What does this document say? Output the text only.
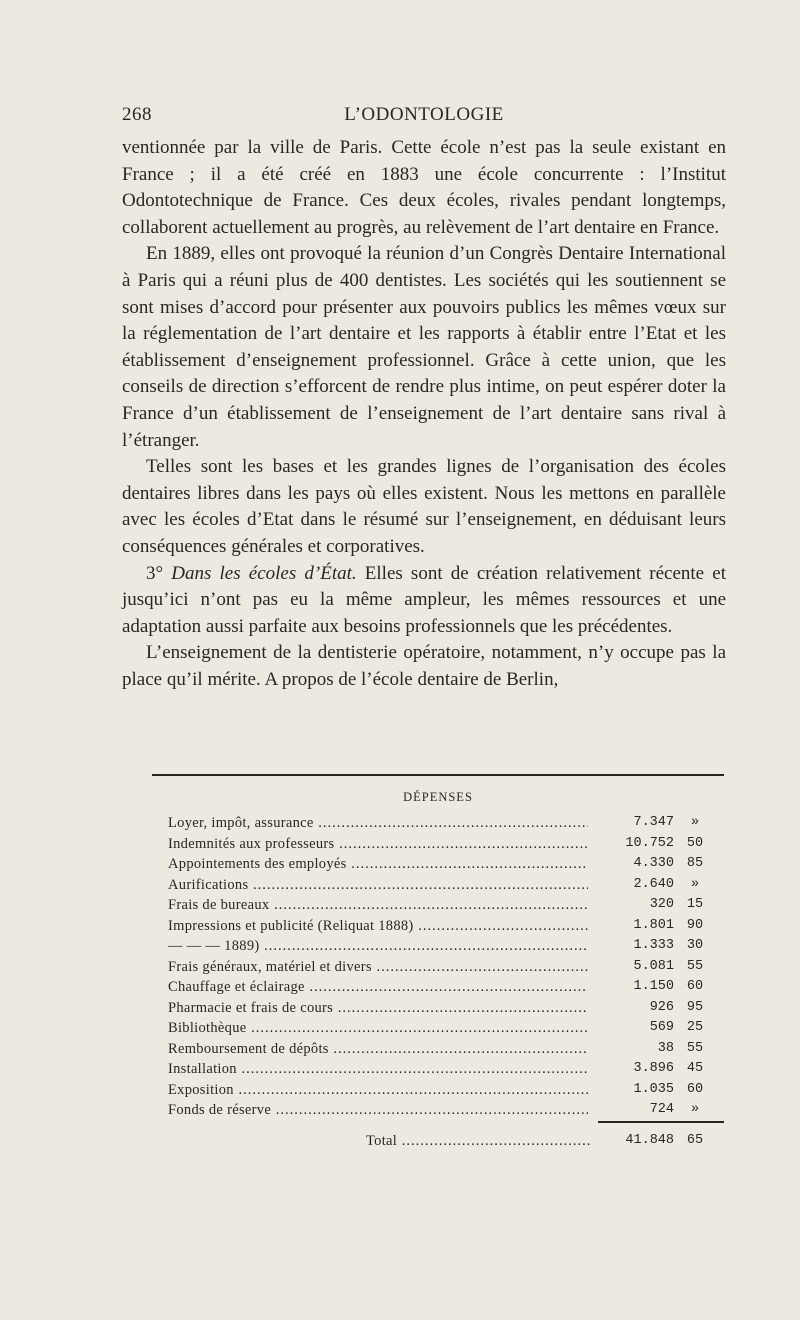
268	L’ODONTOLOGIE

ventionnée par la ville de Paris. Cette école n’est pas la seule existant en France ; il a été créé en 1883 une école concurrente : l’Institut Odontotechnique de France. Ces deux écoles, rivales pendant longtemps, collaborent actuellement au progrès, au relèvement de l’art dentaire en France.

En 1889, elles ont provoqué la réunion d’un Congrès Dentaire International à Paris qui a réuni plus de 400 dentistes. Les sociétés qui les soutiennent se sont mises d’accord pour présenter aux pouvoirs publics les mêmes vœux sur la réglementation de l’art dentaire et les rapports à établir entre l’Etat et les établissement d’enseignement professionnel. Grâce à cette union, que les conseils de direction s’efforcent de rendre plus intime, on peut espérer doter la France d’un établissement de l’enseignement de l’art dentaire sans rival à l’étranger.

Telles sont les bases et les grandes lignes de l’organisation des écoles dentaires libres dans les pays où elles existent. Nous les mettons en parallèle avec les écoles d’Etat dans le résumé sur l’enseignement, en déduisant leurs conséquences générales et corporatives.

3° Dans les écoles d’État. Elles sont de création relativement récente et jusqu’ici n’ont pas eu la même ampleur, les mêmes ressources et une adaptation aussi parfaite aux besoins professionnels que les précédentes.

L’enseignement de la dentisterie opératoire, notamment, n’y occupe pas la place qu’il mérite. A propos de l’école dentaire de Berlin,

DÉPENSES
Loyer, impôt, assurance .....	7.347	»
Indemnités aux professeurs .....	10.752 50
Appointements des employés .....	4.330 85
Aurifications .....	2.640	»
Frais de bureaux .....	320 15
Impressions et publicité (Reliquat 1888) .....	1.801 90
— — — 1889) .....	1.333 30
Frais généraux, matériel et divers .....	5.081 55
Chauffage et éclairage .....	1.150 60
Pharmacie et frais de cours .....	926 95
Bibliothèque .....	569 25
Remboursement de dépôts .....	38 55
Installation .....	3.896 45
Exposition .....	1.035 60
Fonds de réserve .....	724	»
Total .....	41.848 65
